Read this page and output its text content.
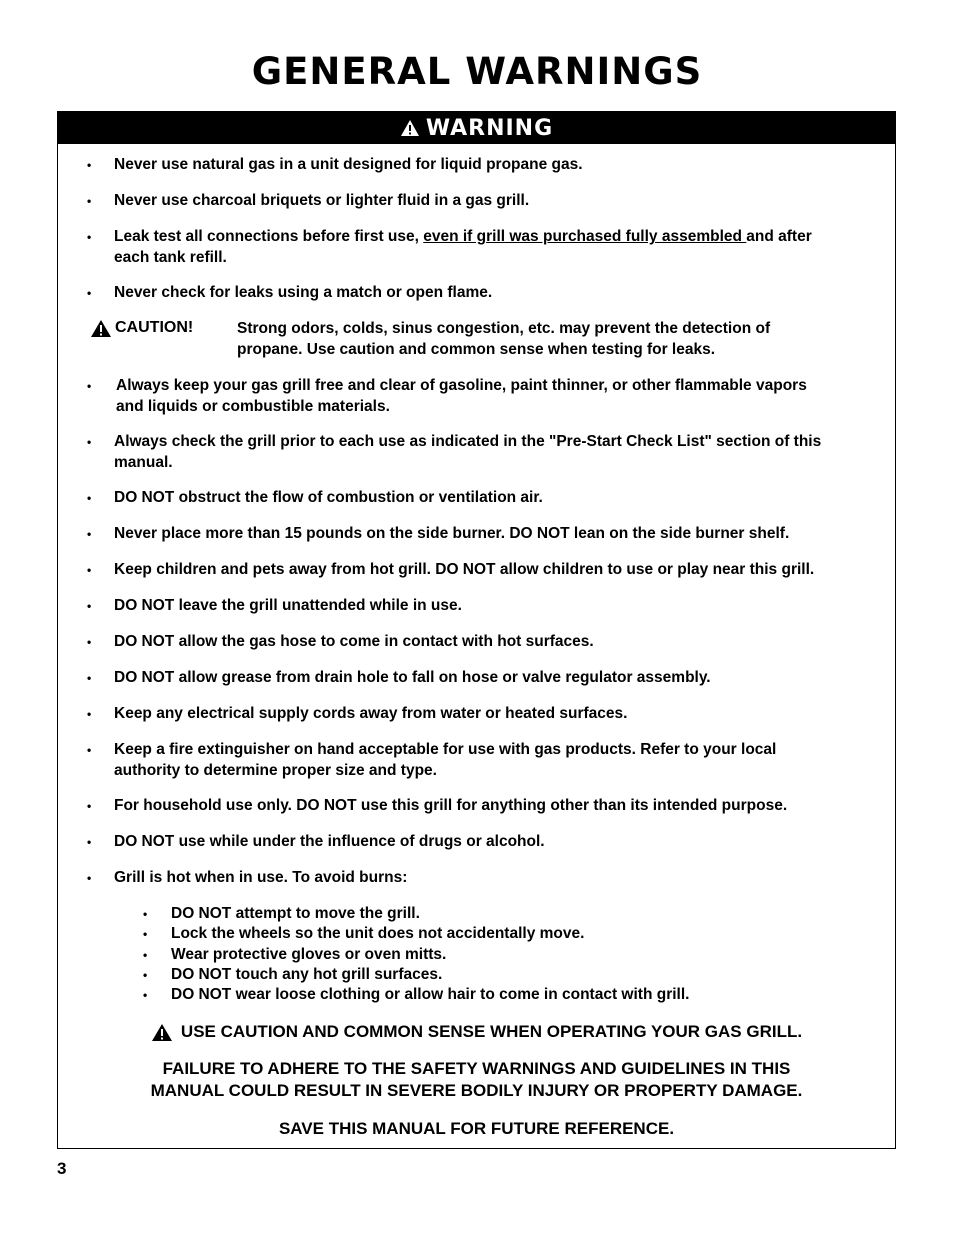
GENERAL WARNINGS
WARNING
• Never use natural gas in a unit designed for liquid propane gas.
• Never use charcoal briquets or lighter fluid in a gas grill.
• Leak test all connections before first use, even if grill was purchased fully assembled and after
each tank refill.
• Never check for leaks using a match or open flame.
CAUTION!	Strong odors, colds, sinus congestion, etc. may prevent the detection of
propane. Use caution and common sense when testing for leaks.
• Always keep your gas grill free and clear of gasoline, paint thinner, or other flammable vapors
and liquids or combustible materials.
• Always check the grill prior to each use as indicated in the "Pre-Start Check List" section of this
manual.
• DO NOT obstruct the flow of combustion or ventilation air.
• Never place more than 15 pounds on the side burner. DO NOT lean on the side burner shelf.
• Keep children and pets away from hot grill. DO NOT allow children to use or play near this grill.
• DO NOT leave the grill unattended while in use.
• DO NOT allow the gas hose to come in contact with hot surfaces.
• DO NOT allow grease from drain hole to fall on hose or valve regulator assembly.
• Keep any electrical supply cords away from water or heated surfaces.
• Keep a fire extinguisher on hand acceptable for use with gas products. Refer to your local
authority to determine proper size and type.
• For household use only. DO NOT use this grill for anything other than its intended purpose.
• DO NOT use while under the influence of drugs or alcohol.
• Grill is hot when in use. To avoid burns:
• DO NOT attempt to move the grill.
• Lock the wheels so the unit does not accidentally move.
• Wear protective gloves or oven mitts.
• DO NOT touch any hot grill surfaces.
• DO NOT wear loose clothing or allow hair to come in contact with grill.
USE CAUTION AND COMMON SENSE WHEN OPERATING YOUR GAS GRILL.
FAILURE TO ADHERE TO THE SAFETY WARNINGS AND GUIDELINES IN THIS
MANUAL COULD RESULT IN SEVERE BODILY INJURY OR PROPERTY DAMAGE.
SAVE THIS MANUAL FOR FUTURE REFERENCE.
3
